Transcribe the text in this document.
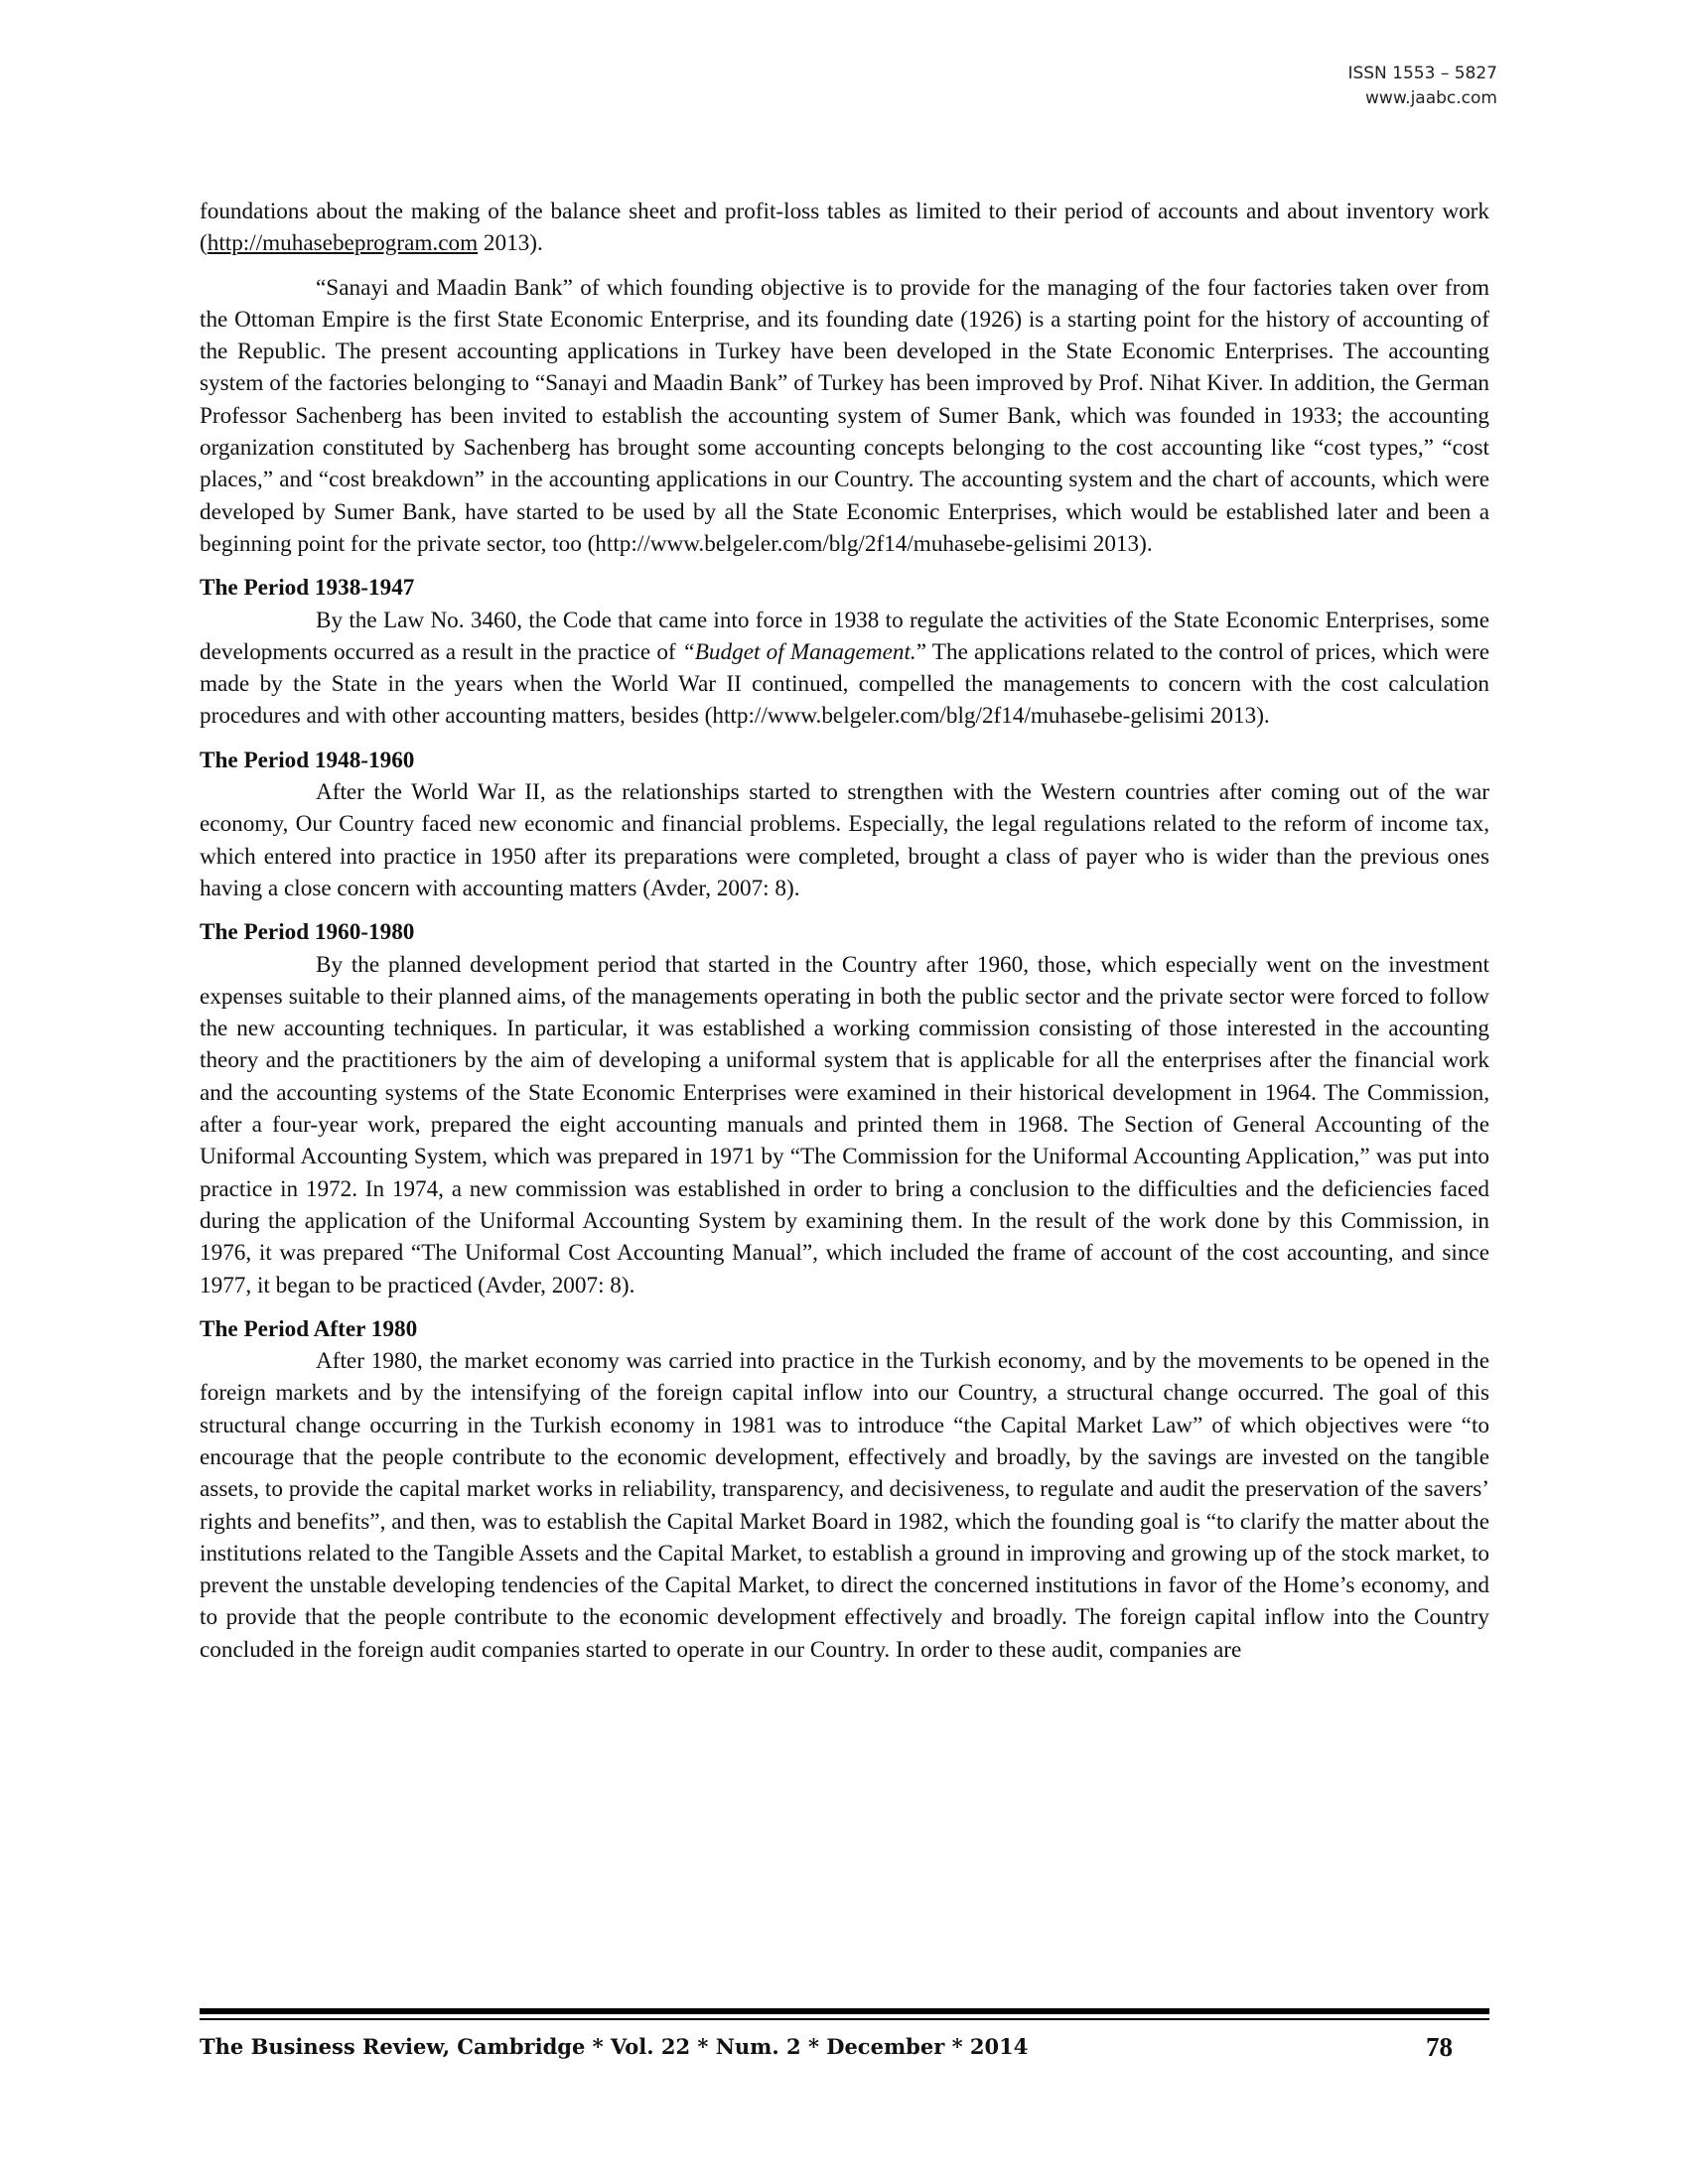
ISSN 1553 – 5827
www.jaabc.com

foundations about the making of the balance sheet and profit-loss tables as limited to their period of accounts and about inventory work (http://muhasebeprogram.com 2013).

“Sanayi and Maadin Bank” of which founding objective is to provide for the managing of the four factories taken over from the Ottoman Empire is the first State Economic Enterprise, and its founding date (1926) is a starting point for the history of accounting of the Republic. The present accounting applications in Turkey have been developed in the State Economic Enterprises. The accounting system of the factories belonging to “Sanayi and Maadin Bank” of Turkey has been improved by Prof. Nihat Kiver. In addition, the German Professor Sachenberg has been invited to establish the accounting system of Sumer Bank, which was founded in 1933; the accounting organization constituted by Sachenberg has brought some accounting concepts belonging to the cost accounting like “cost types,” “cost places,” and “cost breakdown” in the accounting applications in our Country. The accounting system and the chart of accounts, which were developed by Sumer Bank, have started to be used by all the State Economic Enterprises, which would be established later and been a beginning point for the private sector, too (http://www.belgeler.com/blg/2f14/muhasebe-gelisimi 2013).

The Period 1938-1947

By the Law No. 3460, the Code that came into force in 1938 to regulate the activities of the State Economic Enterprises, some developments occurred as a result in the practice of “Budget of Management.” The applications related to the control of prices, which were made by the State in the years when the World War II continued, compelled the managements to concern with the cost calculation procedures and with other accounting matters, besides (http://www.belgeler.com/blg/2f14/muhasebe-gelisimi 2013).

The Period 1948-1960

After the World War II, as the relationships started to strengthen with the Western countries after coming out of the war economy, Our Country faced new economic and financial problems. Especially, the legal regulations related to the reform of income tax, which entered into practice in 1950 after its preparations were completed, brought a class of payer who is wider than the previous ones having a close concern with accounting matters (Avder, 2007: 8).

The Period 1960-1980

By the planned development period that started in the Country after 1960, those, which especially went on the investment expenses suitable to their planned aims, of the managements operating in both the public sector and the private sector were forced to follow the new accounting techniques. In particular, it was established a working commission consisting of those interested in the accounting theory and the practitioners by the aim of developing a uniformal system that is applicable for all the enterprises after the financial work and the accounting systems of the State Economic Enterprises were examined in their historical development in 1964. The Commission, after a four-year work, prepared the eight accounting manuals and printed them in 1968. The Section of General Accounting of the Uniformal Accounting System, which was prepared in 1971 by “The Commission for the Uniformal Accounting Application,” was put into practice in 1972. In 1974, a new commission was established in order to bring a conclusion to the difficulties and the deficiencies faced during the application of the Uniformal Accounting System by examining them. In the result of the work done by this Commission, in 1976, it was prepared “The Uniformal Cost Accounting Manual”, which included the frame of account of the cost accounting, and since 1977, it began to be practiced (Avder, 2007: 8).

The Period After 1980

After 1980, the market economy was carried into practice in the Turkish economy, and by the movements to be opened in the foreign markets and by the intensifying of the foreign capital inflow into our Country, a structural change occurred. The goal of this structural change occurring in the Turkish economy in 1981 was to introduce “the Capital Market Law” of which objectives were “to encourage that the people contribute to the economic development, effectively and broadly, by the savings are invested on the tangible assets, to provide the capital market works in reliability, transparency, and decisiveness, to regulate and audit the preservation of the savers’ rights and benefits”, and then, was to establish the Capital Market Board in 1982, which the founding goal is “to clarify the matter about the institutions related to the Tangible Assets and the Capital Market, to establish a ground in improving and growing up of the stock market, to prevent the unstable developing tendencies of the Capital Market, to direct the concerned institutions in favor of the Home’s economy, and to provide that the people contribute to the economic development effectively and broadly. The foreign capital inflow into the Country concluded in the foreign audit companies started to operate in our Country. In order to these audit, companies are

The Business Review, Cambridge * Vol. 22 * Num. 2 * December * 2014	78
